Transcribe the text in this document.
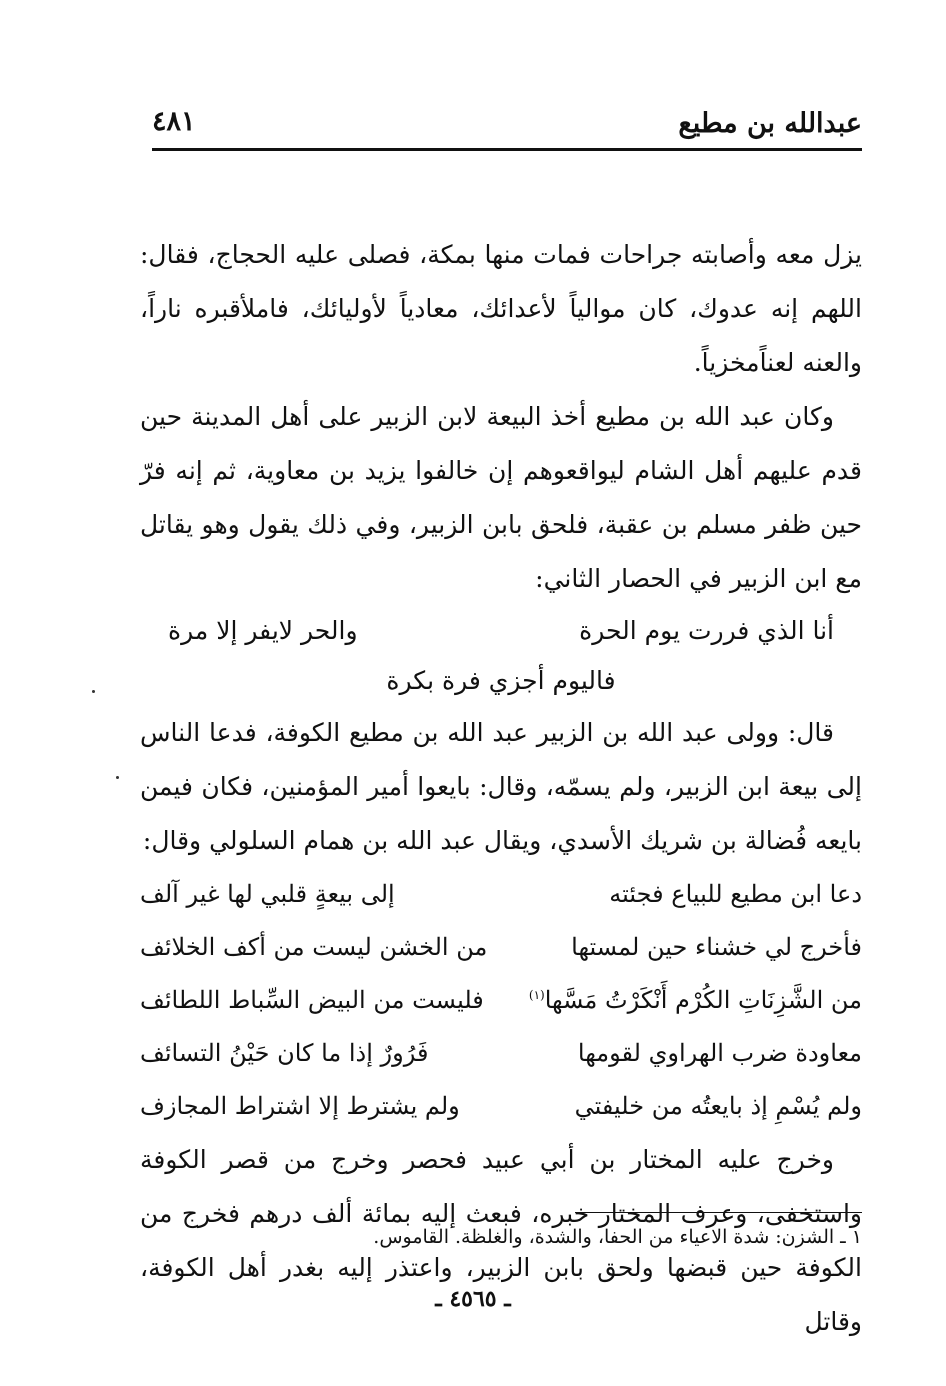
عبدالله بن مطيع
٤٨١

يزل معه وأصابته جراحات فمات منها بمكة، فصلى عليه الحجاج، فقال: اللهم إنه عدوك، كان موالياً لأعدائك، معادياً لأوليائك، فاملأقبره ناراً، والعنه لعناًمخزياً.

وكان عبد الله بن مطيع أخذ البيعة لابن الزبير على أهل المدينة حين قدم عليهم أهل الشام ليواقعوهم إن خالفوا يزيد بن معاوية، ثم إنه فرّ حين ظفر مسلم بن عقبة، فلحق بابن الزبير، وفي ذلك يقول وهو يقاتل مع ابن الزبير في الحصار الثاني:

أنا الذي فررت يوم الحرة
والحر لايفر إلا مرة
فاليوم أجزي فرة بكرة

قال: وولى عبد الله بن الزبير عبد الله بن مطيع الكوفة، فدعا الناس إلى بيعة ابن الزبير، ولم يسمّه، وقال: بايعوا أمير المؤمنين، فكان فيمن بايعه فُضالة بن شريك الأسدي، ويقال عبد الله بن همام السلولي وقال:

دعا ابن مطيع للبياع فجئته	إلى بيعةٍ قلبي لها غير آلف
فأخرج لي خشناء حين لمستها	من الخشن ليست من أكف الخلائف
من الشَّزِنَاتِ الكُرْم أَنْكَرْتُ مَسَّها$^{(١)}$	فليست من البيض السِّباط اللطائف
معاودة ضرب الهراوي لقومها	فَرُورٌ إذا ما كان حَيْنُ التسائف
ولم يُسْمِ إذ بايعتُه من خليفتي	ولم يشترط إلا اشتراط المجازف

وخرج عليه المختار بن أبي عبيد فحصر وخرج من قصر الكوفة واستخفى، وعرف المختار خبره، فبعث إليه بمائة ألف درهم فخرج من الكوفة حين قبضها ولحق بابن الزبير، واعتذر إليه بغدر أهل الكوفة، وقاتل

١ ـ الشزن: شدة الاعياء من الحفا، والشدة، والغلظة. القاموس.
ـ ٤٥٦٥ ـ
